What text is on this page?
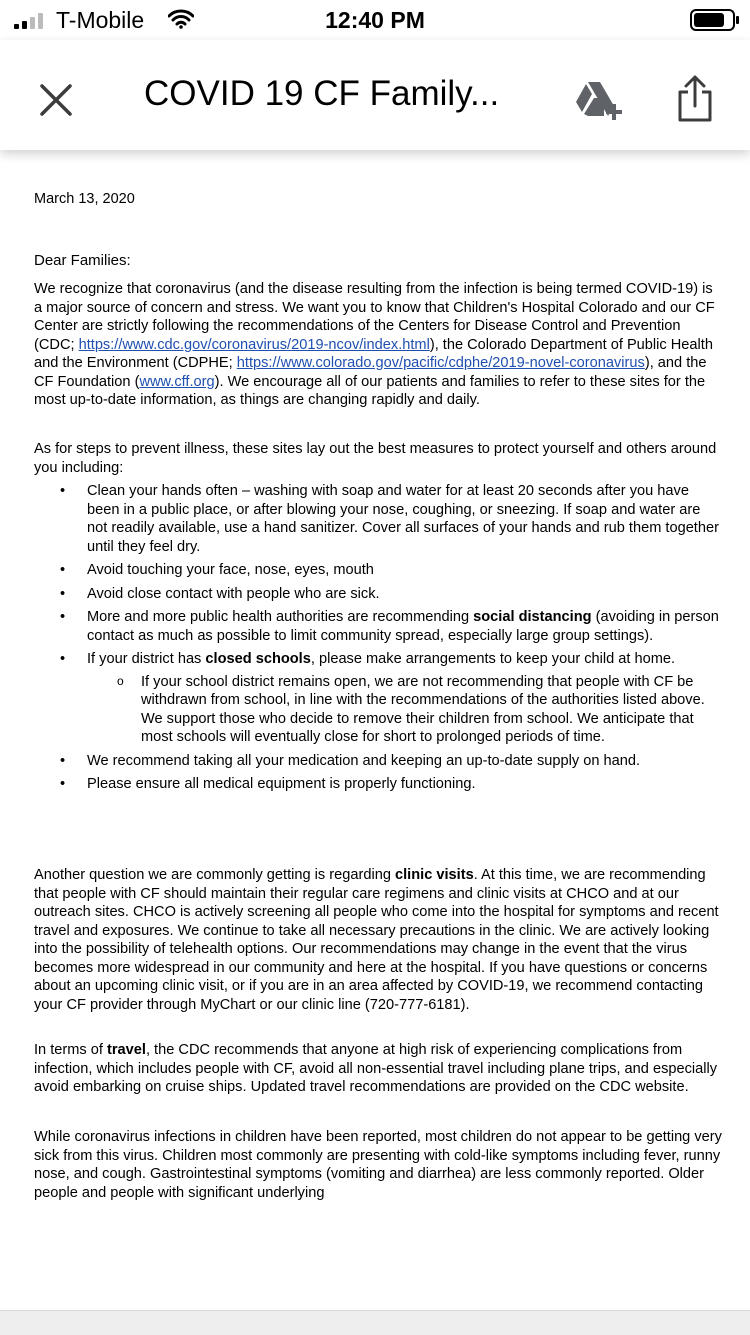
T-Mobile	12:40 PM
COVID 19 CF Family...
March 13, 2020

Dear Families:

We recognize that coronavirus (and the disease resulting from the infection is being termed COVID-19) is a major source of concern and stress. We want you to know that Children's Hospital Colorado and our CF Center are strictly following the recommendations of the Centers for Disease Control and Prevention (CDC; https://www.cdc.gov/coronavirus/2019-ncov/index.html), the Colorado Department of Public Health and the Environment (CDPHE; https://www.colorado.gov/pacific/cdphe/2019-novel-coronavirus), and the CF Foundation (www.cff.org). We encourage all of our patients and families to refer to these sites for the most up-to-date information, as things are changing rapidly and daily.

As for steps to prevent illness, these sites lay out the best measures to protect yourself and others around you including:

• Clean your hands often – washing with soap and water for at least 20 seconds after you have been in a public place, or after blowing your nose, coughing, or sneezing. If soap and water are not readily available, use a hand sanitizer. Cover all surfaces of your hands and rub them together until they feel dry.
• Avoid touching your face, nose, eyes, mouth
• Avoid close contact with people who are sick.
• More and more public health authorities are recommending social distancing (avoiding in person contact as much as possible to limit community spread, especially large group settings).
• If your district has closed schools, please make arrangements to keep your child at home.
o If your school district remains open, we are not recommending that people with CF be withdrawn from school, in line with the recommendations of the authorities listed above. We support those who decide to remove their children from school. We anticipate that most schools will eventually close for short to prolonged periods of time.
• We recommend taking all your medication and keeping an up-to-date supply on hand.
• Please ensure all medical equipment is properly functioning.

Another question we are commonly getting is regarding clinic visits. At this time, we are recommending that people with CF should maintain their regular care regimens and clinic visits at CHCO and at our outreach sites. CHCO is actively screening all people who come into the hospital for symptoms and recent travel and exposures. We continue to take all necessary precautions in the clinic. We are actively looking into the possibility of telehealth options. Our recommendations may change in the event that the virus becomes more widespread in our community and here at the hospital. If you have questions or concerns about an upcoming clinic visit, or if you are in an area affected by COVID-19, we recommend contacting your CF provider through MyChart or our clinic line (720-777-6181).

In terms of travel, the CDC recommends that anyone at high risk of experiencing complications from infection, which includes people with CF, avoid all non-essential travel including plane trips, and especially avoid embarking on cruise ships. Updated travel recommendations are provided on the CDC website.

While coronavirus infections in children have been reported, most children do not appear to be getting very sick from this virus. Children most commonly are presenting with cold-like symptoms including fever, runny nose, and cough. Gastrointestinal symptoms (vomiting and diarrhea) are less commonly reported. Older people and people with significant underlying
